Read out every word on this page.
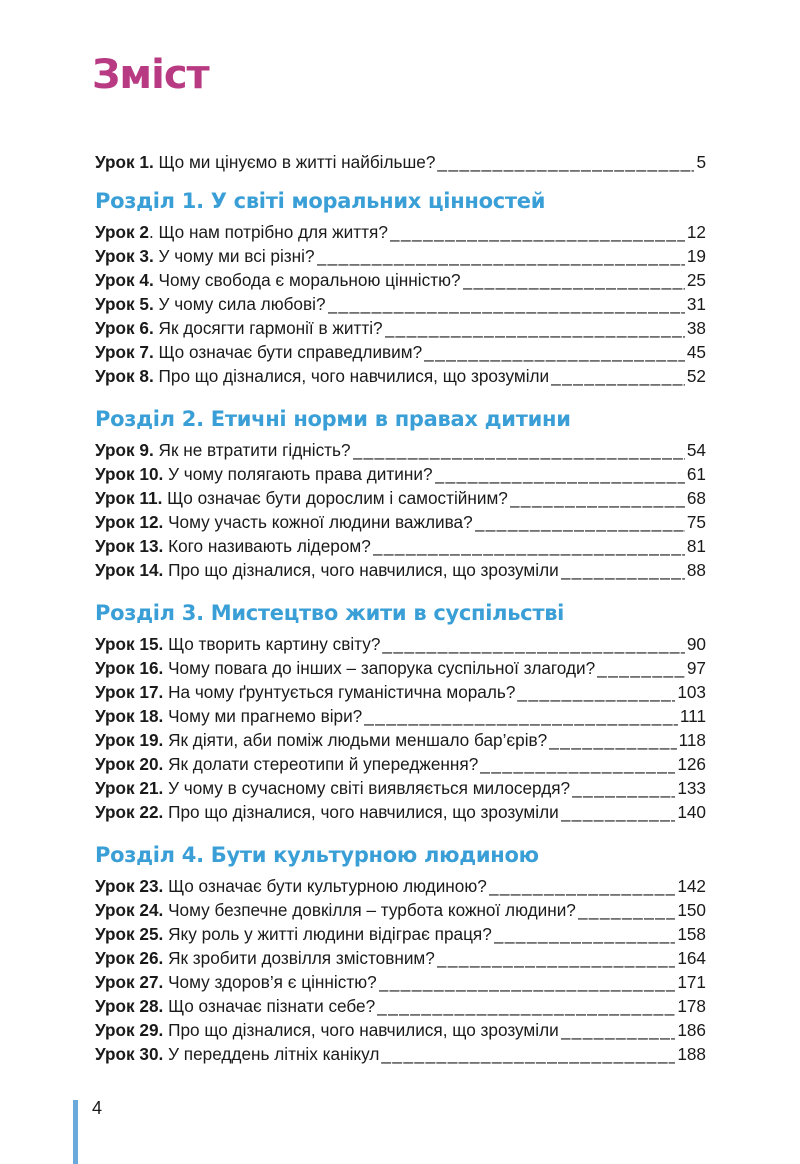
Зміст
Урок 1. Що ми цінуємо в житті найбільше? _____	5
Розділ 1. У світі моральних цінностей
Урок 2 . Що нам потрібно для життя? _____	12
Урок 3. У чому ми всі різні? _____	19
Урок 4. Чому свобода є моральною цінністю? _____	25
Урок 5. У чому сила любові? _____	31
Урок 6. Як досягти гармонії в житті? _____	38
Урок 7. Що означає бути справедливим? _____	45
Урок 8. Про що дізналися, чого навчилися, що зрозуміли _____	52
Розділ 2. Етичні норми в правах дитини
Урок 9. Як не втратити гідність? _____	54
Урок 10. У чому полягають права дитини? _____	61
Урок 11. Що означає бути дорослим і самостійним? _____	68
Урок 12. Чому участь кожної людини важлива? _____	75
Урок 13. Кого називають лідером? _____	81
Урок 14. Про що дізналися, чого навчилися, що зрозуміли _____	88
Розділ 3. Мистецтво жити в суспільстві
Урок 15. Що творить картину світу? _____	90
Урок 16. Чому повага до інших – запорука суспільної злагоди? _____	97
Урок 17. На чому ґрунтується гуманістична мораль? _____	103
Урок 18. Чому ми прагнемо віри? _____	111
Урок 19. Як діяти, аби поміж людьми меншало бар’єрів? _____	118
Урок 20. Як долати стереотипи й упередження? _____	126
Урок 21. У чому в сучасному світі виявляється милосердя? _____	133
Урок 22. Про що дізналися, чого навчилися, що зрозуміли _____	140
Розділ 4. Бути культурною людиною
Урок 23. Що означає бути культурною людиною? _____	142
Урок 24. Чому безпечне довкілля – турбота кожної людини? _____	150
Урок 25. Яку роль у житті людини відіграє праця? _____	158
Урок 26. Як зробити дозвілля змістовним? _____	164
Урок 27. Чому здоров’я є цінністю? _____	171
Урок 28. Що означає пізнати себе? _____	178
Урок 29. Про що дізналися, чого навчилися, що зрозуміли _____	186
Урок 30. У переддень літніх канікул _____	188
4
